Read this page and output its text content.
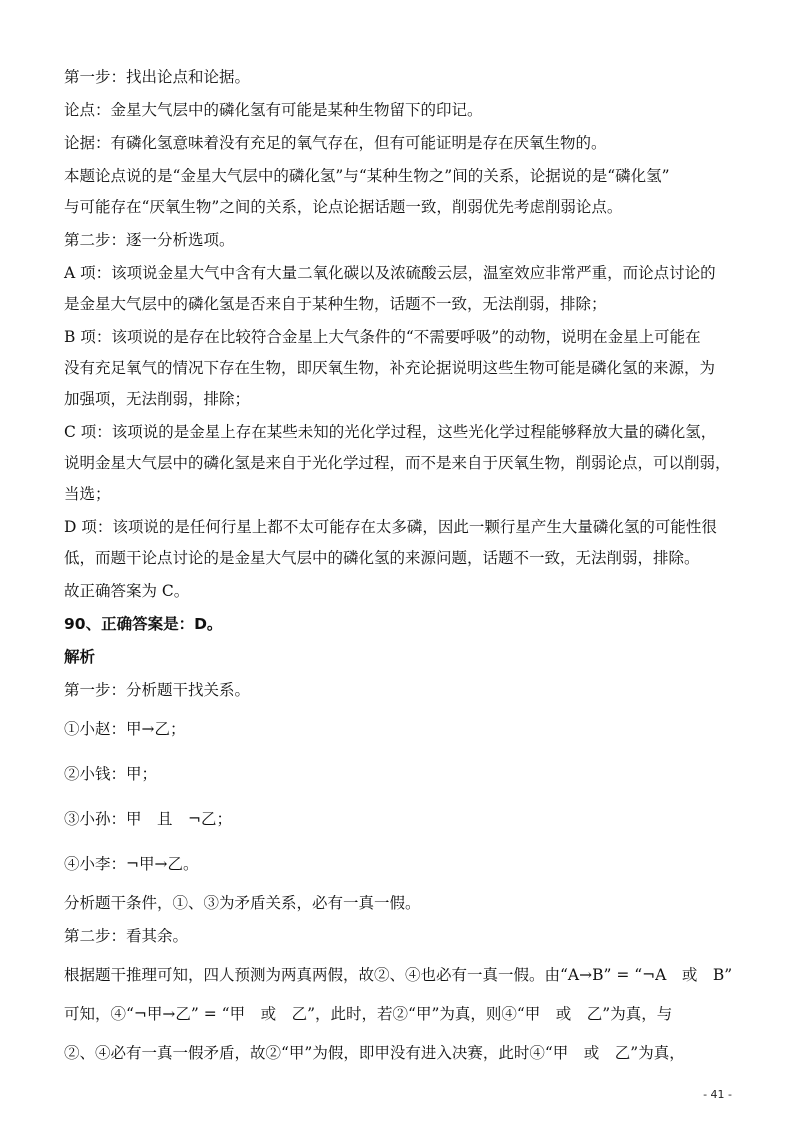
第一步：找出论点和论据。

论点：金星大气层中的磷化氢有可能是某种生物留下的印记。

论据：有磷化氢意味着没有充足的氧气存在，但有可能证明是存在厌氧生物的。

本题论点说的是“金星大气层中的磷化氢”与“某种生物之”间的关系，论据说的是“磷化氢”

与可能存在“厌氧生物”之间的关系，论点论据话题一致，削弱优先考虑削弱论点。

第二步：逐一分析选项。

A 项：该项说金星大气中含有大量二氧化碳以及浓硫酸云层，温室效应非常严重，而论点讨论的

是金星大气层中的磷化氢是否来自于某种生物，话题不一致，无法削弱，排除；

B 项：该项说的是存在比较符合金星上大气条件的“不需要呼吸”的动物，说明在金星上可能在

没有充足氧气的情况下存在生物，即厌氧生物，补充论据说明这些生物可能是磷化氢的来源，为

加强项，无法削弱，排除；

C 项：该项说的是金星上存在某些未知的光化学过程，这些光化学过程能够释放大量的磷化氢，

说明金星大气层中的磷化氢是来自于光化学过程，而不是来自于厌氧生物，削弱论点，可以削弱，

当选；

D 项：该项说的是任何行星上都不太可能存在太多磷，因此一颗行星产生大量磷化氢的可能性很

低，而题干论点讨论的是金星大气层中的磷化氢的来源问题，话题不一致，无法削弱，排除。

故正确答案为 C。

90、正确答案是：D。

解析

第一步：分析题干找关系。

①小赵：甲→乙；

②小钱：甲；

③小孙：甲　且　¬乙；

④小李：¬甲→乙。

分析题干条件，①、③为矛盾关系，必有一真一假。

第二步：看其余。

根据题干推理可知，四人预测为两真两假，故②、④也必有一真一假。由“A→B” = “¬A　或　B”

可知，④“¬甲→乙” = “甲　或　乙”，此时，若②“甲”为真，则④“甲　或　乙”为真，与

②、④必有一真一假矛盾，故②“甲”为假，即甲没有进入决赛，此时④“甲　或　乙”为真，

- 41 -
